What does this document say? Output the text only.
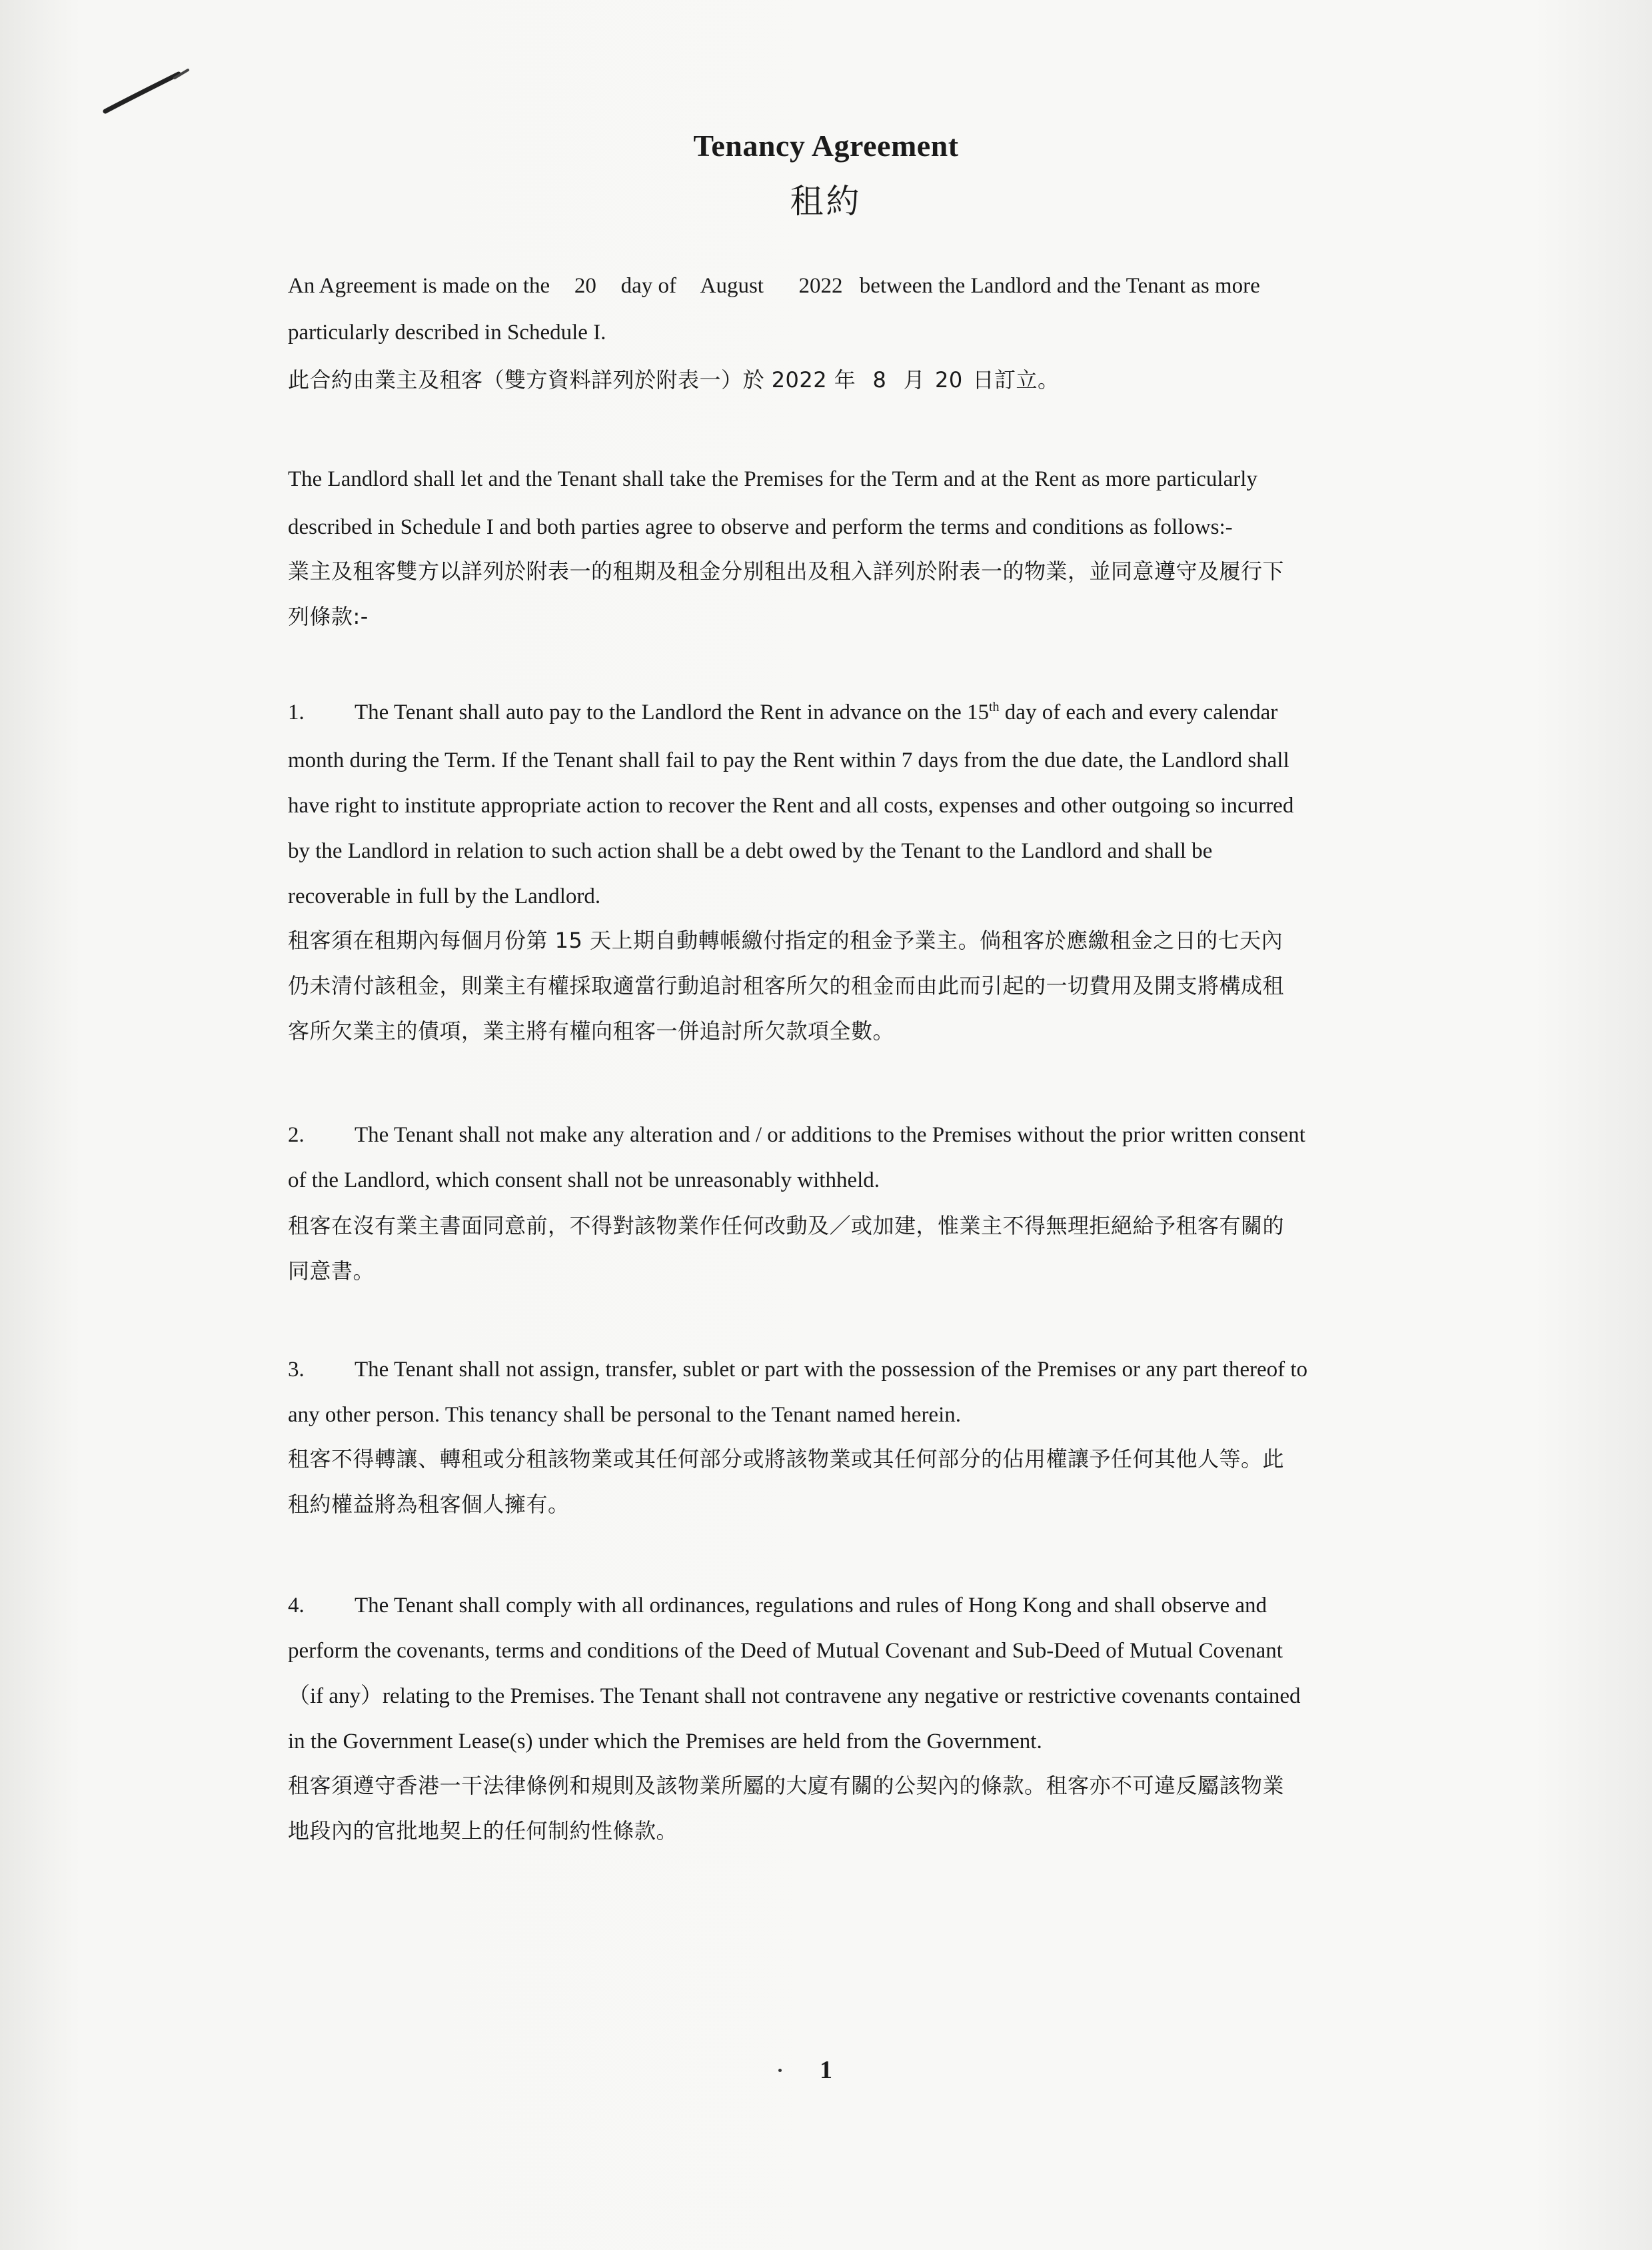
Tenancy Agreement
租約
An Agreement is made on the 20 day of August 2022 between the Landlord and the Tenant as more
particularly described in Schedule I.
此合約由業主及租客（雙方資料詳列於附表一）於 2022 年 8 月 20 日訂立。
The Landlord shall let and the Tenant shall take the Premises for the Term and at the Rent as more particularly
described in Schedule I and both parties agree to observe and perform the terms and conditions as follows:-
業主及租客雙方以詳列於附表一的租期及租金分別租出及租入詳列於附表一的物業，並同意遵守及履行下
列條款:-
1. The Tenant shall auto pay to the Landlord the Rent in advance on the 15th day of each and every calendar
month during the Term. If the Tenant shall fail to pay the Rent within 7 days from the due date, the Landlord shall
have right to institute appropriate action to recover the Rent and all costs, expenses and other outgoing so incurred
by the Landlord in relation to such action shall be a debt owed by the Tenant to the Landlord and shall be
recoverable in full by the Landlord.
租客須在租期內每個月份第 15 天上期自動轉帳繳付指定的租金予業主。倘租客於應繳租金之日的七天內
仍未清付該租金，則業主有權採取適當行動追討租客所欠的租金而由此而引起的一切費用及開支將構成租
客所欠業主的債項，業主將有權向租客一併追討所欠款項全數。
2. The Tenant shall not make any alteration and / or additions to the Premises without the prior written consent
of the Landlord, which consent shall not be unreasonably withheld.
租客在沒有業主書面同意前，不得對該物業作任何改動及／或加建，惟業主不得無理拒絕給予租客有關的
同意書。
3. The Tenant shall not assign, transfer, sublet or part with the possession of the Premises or any part thereof to
any other person. This tenancy shall be personal to the Tenant named herein.
租客不得轉讓、轉租或分租該物業或其任何部分或將該物業或其任何部分的佔用權讓予任何其他人等。此
租約權益將為租客個人擁有。
4. The Tenant shall comply with all ordinances, regulations and rules of Hong Kong and shall observe and
perform the covenants, terms and conditions of the Deed of Mutual Covenant and Sub-Deed of Mutual Covenant
（if any）relating to the Premises. The Tenant shall not contravene any negative or restrictive covenants contained
in the Government Lease(s) under which the Premises are held from the Government.
租客須遵守香港一干法律條例和規則及該物業所屬的大廈有關的公契內的條款。租客亦不可違反屬該物業
地段內的官批地契上的任何制約性條款。
1
